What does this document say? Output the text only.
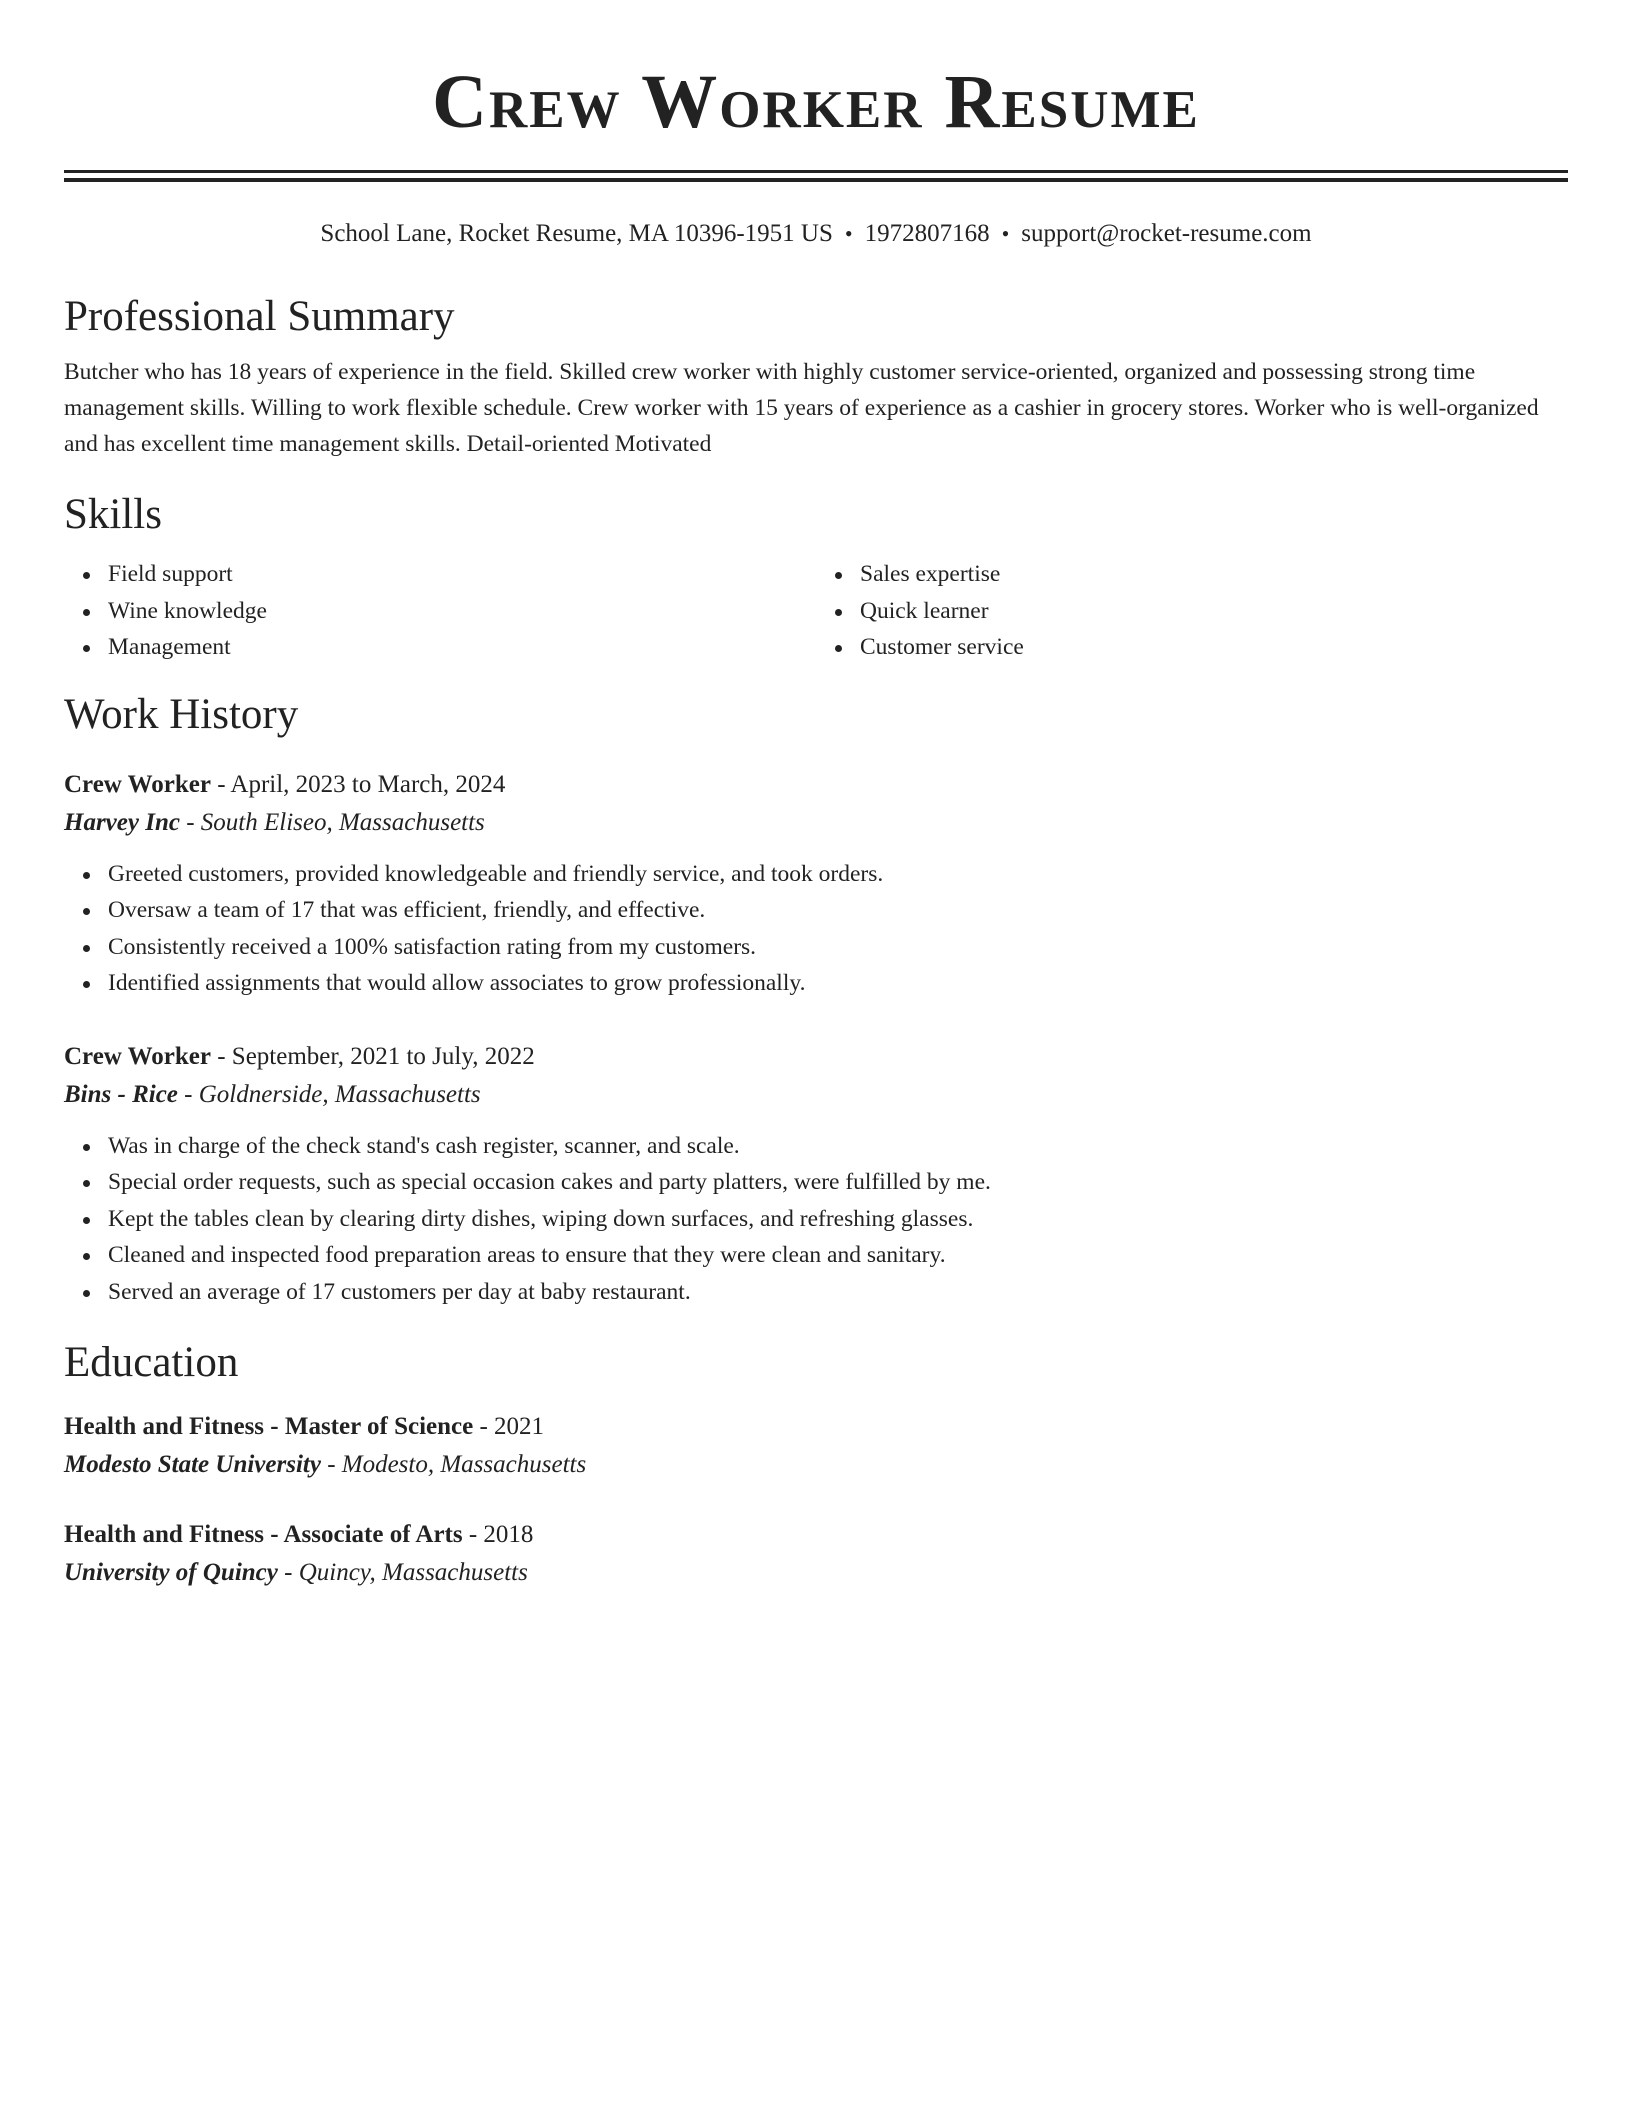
Crew Worker Resume
School Lane, Rocket Resume, MA 10396-1951 US • 1972807168 • support@rocket-resume.com
Professional Summary

Butcher who has 18 years of experience in the field. Skilled crew worker with highly customer service-oriented, organized and possessing strong time management skills. Willing to work flexible schedule. Crew worker with 15 years of experience as a cashier in grocery stores. Worker who is well-organized and has excellent time management skills. Detail-oriented Motivated

Skills
Field support
Wine knowledge
Management
Sales expertise
Quick learner
Customer service
Work History
Crew Worker - April, 2023 to March, 2024
Harvey Inc - South Eliseo, Massachusetts
Greeted customers, provided knowledgeable and friendly service, and took orders.
Oversaw a team of 17 that was efficient, friendly, and effective.
Consistently received a 100% satisfaction rating from my customers.
Identified assignments that would allow associates to grow professionally.
Crew Worker - September, 2021 to July, 2022
Bins - Rice - Goldnerside, Massachusetts
Was in charge of the check stand's cash register, scanner, and scale.
Special order requests, such as special occasion cakes and party platters, were fulfilled by me.
Kept the tables clean by clearing dirty dishes, wiping down surfaces, and refreshing glasses.
Cleaned and inspected food preparation areas to ensure that they were clean and sanitary.
Served an average of 17 customers per day at baby restaurant.
Education
Health and Fitness - Master of Science - 2021
Modesto State University - Modesto, Massachusetts
Health and Fitness - Associate of Arts - 2018
University of Quincy - Quincy, Massachusetts
